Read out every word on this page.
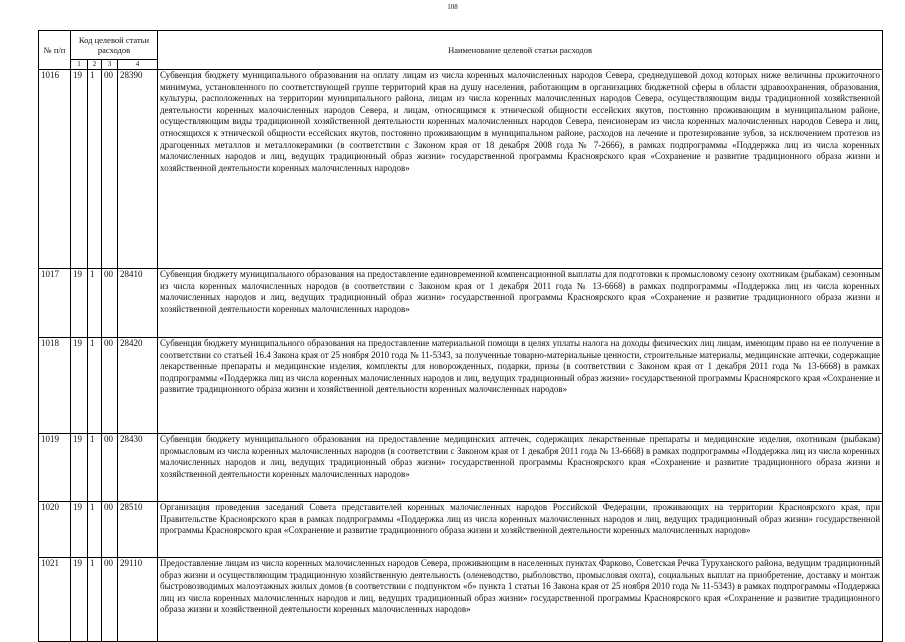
108
№ п/п	Код целевой статьи расходов				Наименование целевой статьи расходов
	1	2	3	4	
1016	19	1	00	28390	Субвенция бюджету муниципального образования на оплату лицам из числа коренных малочисленных народов Севера, среднедушевой доход которых ниже величины прожиточного минимума, установленного по соответствующей группе территорий края на душу населения, работающим в организациях бюджетной сферы в области здравоохранения, образования, культуры, расположенных на территории муниципального района, лицам из числа коренных малочисленных народов Севера, осуществляющим виды традиционной хозяйственной деятельности коренных малочисленных народов Севера, и лицам, относящимся к этнической общности ессейских якутов, постоянно проживающим в муниципальном районе, осуществляющим виды традиционной хозяйственной деятельности коренных малочисленных народов Севера, пенсионерам из числа коренных малочисленных народов Севера и лиц, относящихся к этнической общности ессейских якутов, постоянно проживающим в муниципальном районе, расходов на лечение и протезирование зубов, за исключением протезов из драгоценных металлов и металлокерамики (в соответствии с Законом края от 18 декабря 2008 года № 7-2666), в рамках подпрограммы «Поддержка лиц из числа коренных малочисленных народов и лиц, ведущих традиционный образ жизни» государственной программы Красноярского края «Сохранение и развитие традиционного образа жизни и хозяйственной деятельности коренных малочисленных народов»
1017	19	1	00	28410	Субвенция бюджету муниципального образования на предоставление единовременной компенсационной выплаты для подготовки к промысловому сезону охотникам (рыбакам) сезонным из числа коренных малочисленных народов (в соответствии с Законом края от 1 декабря 2011 года № 13-6668) в рамках подпрограммы «Поддержка лиц из числа коренных малочисленных народов и лиц, ведущих традиционный образ жизни» государственной программы Красноярского края «Сохранение и развитие традиционного образа жизни и хозяйственной деятельности коренных малочисленных народов»
1018	19	1	00	28420	Субвенция бюджету муниципального образования на предоставление материальной помощи в целях уплаты налога на доходы физических лиц лицам, имеющим право на ее получение в соответствии со статьей 16.4 Закона края от 25 ноября 2010 года № 11-5343, за полученные товарно-материальные ценности, строительные материалы, медицинские аптечки, содержащие лекарственные препараты и медицинские изделия, комплекты для новорожденных, подарки, призы (в соответствии с Законом края от 1 декабря 2011 года № 13-6668) в рамках подпрограммы «Поддержка лиц из числа коренных малочисленных народов и лиц, ведущих традиционный образ жизни» государственной программы Красноярского края «Сохранение и развитие традиционного образа жизни и хозяйственной деятельности коренных малочисленных народов»
1019	19	1	00	28430	Субвенция бюджету муниципального образования на предоставление медицинских аптечек, содержащих лекарственные препараты и медицинские изделия, охотникам (рыбакам) промысловым из числа коренных малочисленных народов (в соответствии с Законом края от 1 декабря 2011 года № 13-6668) в рамках подпрограммы «Поддержка лиц из числа коренных малочисленных народов и лиц, ведущих традиционный образ жизни» государственной программы Красноярского края «Сохранение и развитие традиционного образа жизни и хозяйственной деятельности коренных малочисленных народов»
1020	19	1	00	28510	Организация проведения заседаний Совета представителей коренных малочисленных народов Российской Федерации, проживающих на территории Красноярского края, при Правительстве Красноярского края в рамках подпрограммы «Поддержка лиц из числа коренных малочисленных народов и лиц, ведущих традиционный образ жизни» государственной программы Красноярского края «Сохранение и развитие традиционного образа жизни и хозяйственной деятельности коренных малочисленных народов»
1021	19	1	00	29110	Предоставление лицам из числа коренных малочисленных народов Севера, проживающим в населенных пунктах Фарково, Советская Речка Туруханского района, ведущим традиционный образ жизни и осуществляющим традиционную хозяйственную деятельность (оленеводство, рыболовство, промысловая охота), социальных выплат на приобретение, доставку и монтаж быстровозводимых малоэтажных жилых домов (в соответствии с подпунктом «б» пункта 1 статьи 16 Закона края от 25 ноября 2010 года № 11-5343) в рамках подпрограммы «Поддержка лиц из числа коренных малочисленных народов и лиц, ведущих традиционный образ жизни» государственной программы Красноярского края «Сохранение и развитие традиционного образа жизни и хозяйственной деятельности коренных малочисленных народов»
